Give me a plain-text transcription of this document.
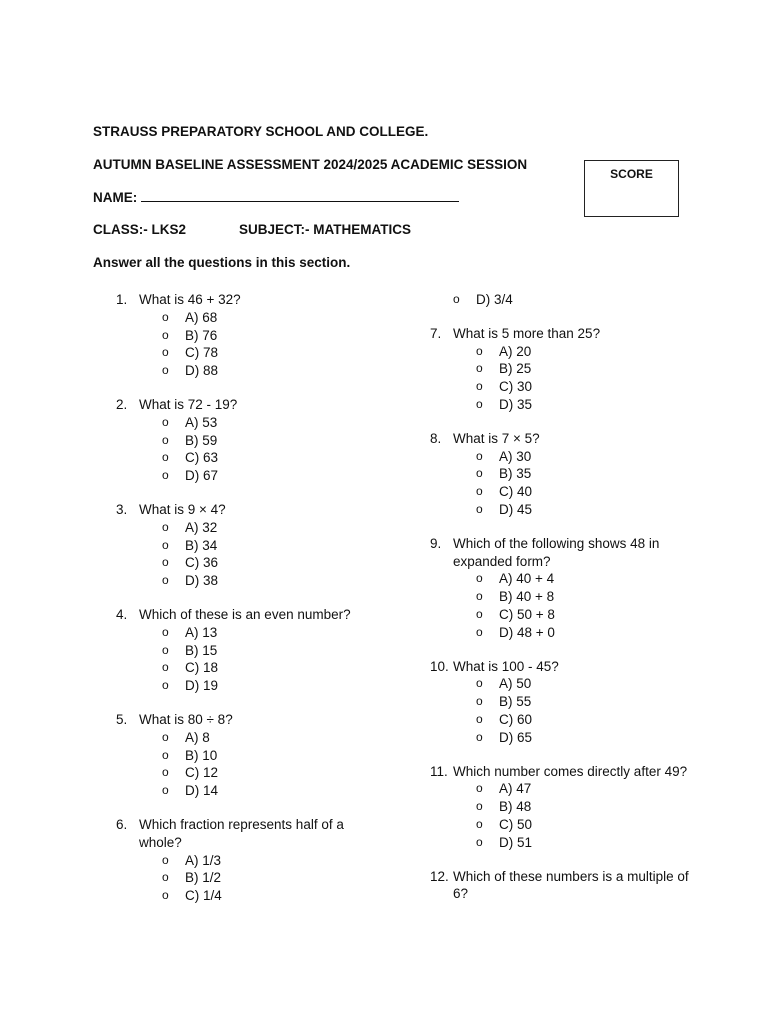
STRAUSS PREPARATORY SCHOOL AND COLLEGE.
AUTUMN BASELINE ASSESSMENT 2024/2025 ACADEMIC SESSION
NAME:
CLASS:- LKS2	SUBJECT:- MATHEMATICS
Answer all the questions in this section.
SCORE
1. What is 46 + 32?
o A) 68
o B) 76
o C) 78
o D) 88
2. What is 72 - 19?
o A) 53
o B) 59
o C) 63
o D) 67
3. What is 9 × 4?
o A) 32
o B) 34
o C) 36
o D) 38
4. Which of these is an even number?
o A) 13
o B) 15
o C) 18
o D) 19
5. What is 80 ÷ 8?
o A) 8
o B) 10
o C) 12
o D) 14
6. Which fraction represents half of a whole?
o A) 1/3
o B) 1/2
o C) 1/4
o D) 3/4
7. What is 5 more than 25?
o A) 20
o B) 25
o C) 30
o D) 35
8. What is 7 × 5?
o A) 30
o B) 35
o C) 40
o D) 45
9. Which of the following shows 48 in expanded form?
o A) 40 + 4
o B) 40 + 8
o C) 50 + 8
o D) 48 + 0
10. What is 100 - 45?
o A) 50
o B) 55
o C) 60
o D) 65
11. Which number comes directly after 49?
o A) 47
o B) 48
o C) 50
o D) 51
12. Which of these numbers is a multiple of 6?
